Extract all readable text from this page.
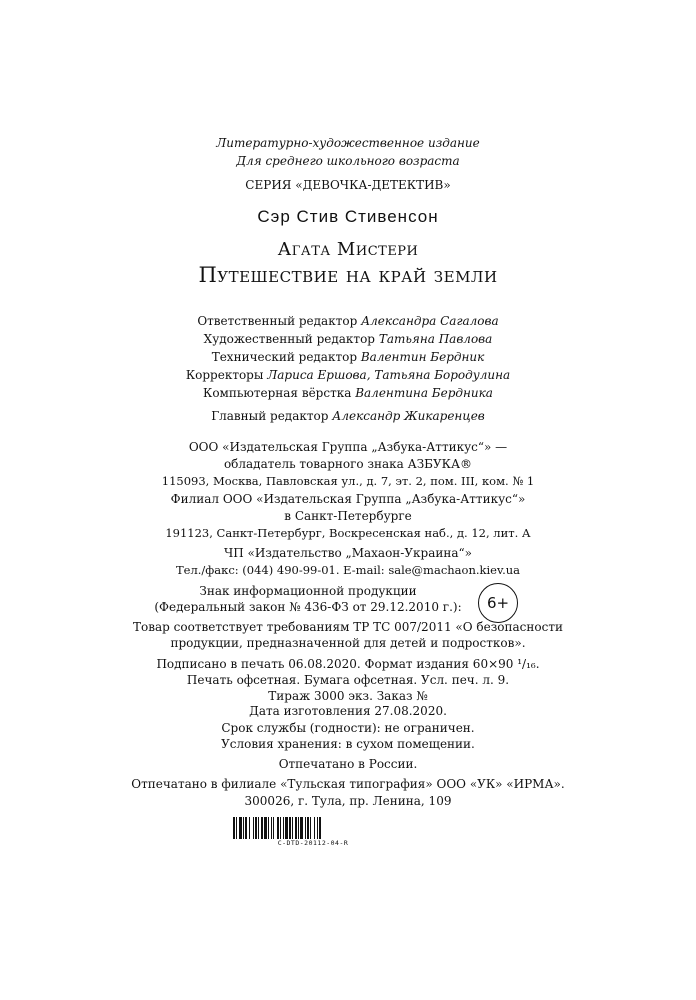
Литературно-художественное издание
Для среднего школьного возраста
СЕРИЯ «ДЕВОЧКА-ДЕТЕКТИВ»
Сэр Стив Стивенсон
Агата Мистери
Путешествие на край земли
Ответственный редактор Александра Сагалова
Художественный редактор Татьяна Павлова
Технический редактор Валентин Бердник
Корректоры Лариса Ершова, Татьяна Бородулина
Компьютерная вёрстка Валентина Бердника
Главный редактор Александр Жикаренцев
ООО «Издательская Группа „Азбука-Аттикус“» —
обладатель товарного знака АЗБУКА®
115093, Москва, Павловская ул., д. 7, эт. 2, пом. III, ком. № 1
Филиал ООО «Издательская Группа „Азбука-Аттикус“»
в Санкт-Петербурге
191123, Санкт-Петербург, Воскресенская наб., д. 12, лит. А
ЧП «Издательство „Махаон-Украина“»
Тел./факс: (044) 490-99-01. E-mail: sale@machaon.kiev.ua
Знак информационной продукции
(Федеральный закон № 436-ФЗ от 29.12.2010 г.):	6+
Товар соответствует требованиям ТР ТС 007/2011 «О безопасности
продукции, предназначенной для детей и подростков».
Подписано в печать 06.08.2020. Формат издания 60×90 ¹/₁₆.
Печать офсетная. Бумага офсетная. Усл. печ. л. 9.
Тираж 3000 экз. Заказ №
Дата изготовления 27.08.2020.
Срок службы (годности): не ограничен.
Условия хранения: в сухом помещении.
Отпечатано в России.
Отпечатано в филиале «Тульская типография» ООО «УК» «ИРМА».
300026, г. Тула, пр. Ленина, 109
С-DTD-20112-04-R
